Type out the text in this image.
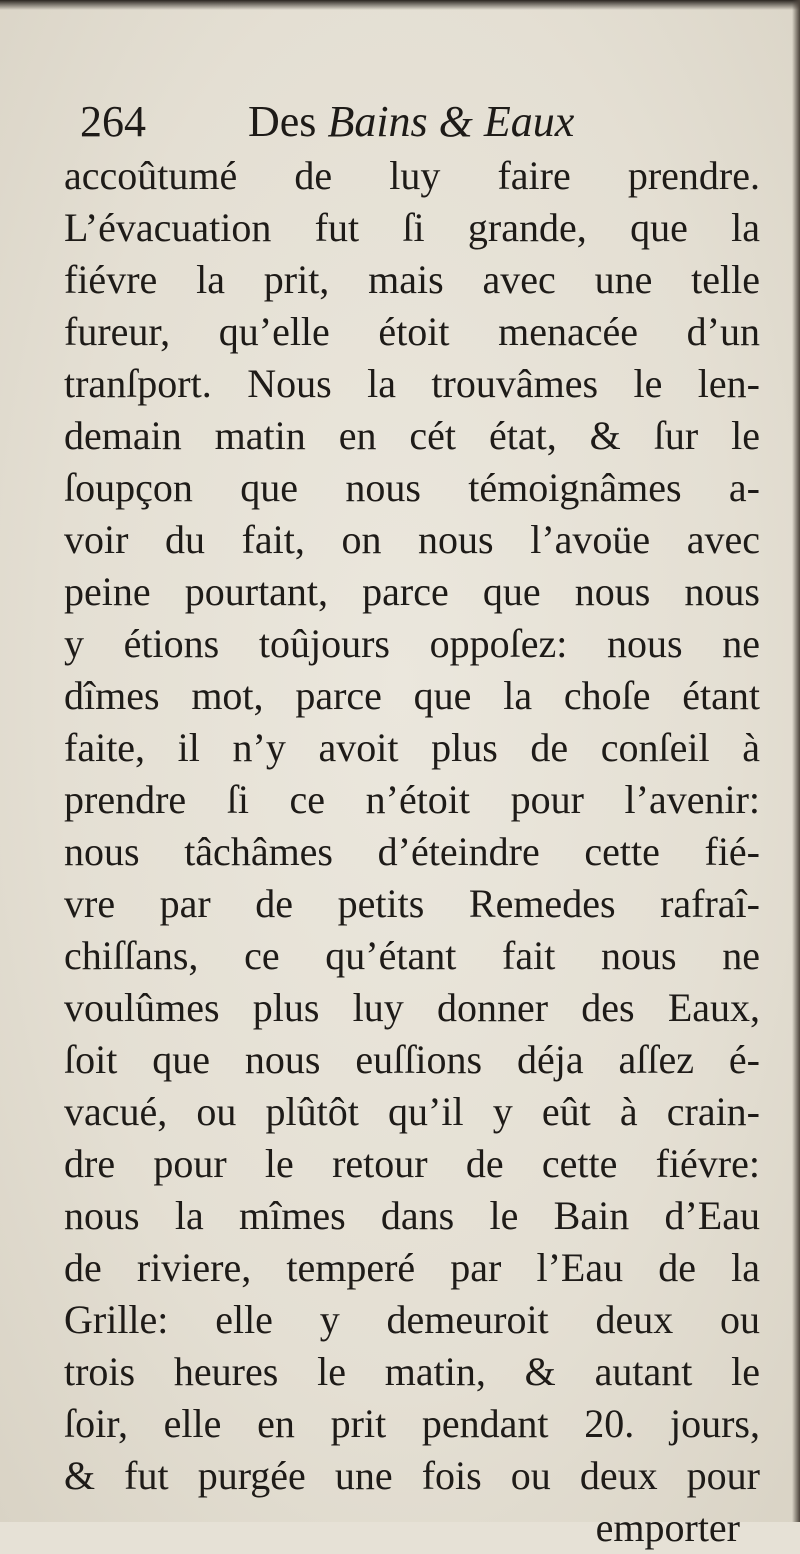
264 Des Bains & Eaux
accoûtumé de luy faire prendre.
L’évacuation fut ſi grande, que la
fiévre la prit, mais avec une telle
fureur, qu’elle étoit menacée d’un
tranſport. Nous la trouvâmes le len-
demain matin en cét état, & ſur le
ſoupçon que nous témoignâmes a-
voir du fait, on nous l’avoüe avec
peine pourtant, parce que nous nous
y étions toûjours oppoſez: nous ne
dîmes mot, parce que la choſe étant
faite, il n’y avoit plus de conſeil à
prendre ſi ce n’étoit pour l’avenir:
nous tâchâmes d’éteindre cette fié-
vre par de petits Remedes rafraî-
chiſſans, ce qu’étant fait nous ne
voulûmes plus luy donner des Eaux,
ſoit que nous euſſions déja aſſez é-
vacué, ou plûtôt qu’il y eût à crain-
dre pour le retour de cette fiévre:
nous la mîmes dans le Bain d’Eau
de riviere, temperé par l’Eau de la
Grille: elle y demeuroit deux ou
trois heures le matin, & autant le
ſoir, elle en prit pendant 20. jours,
& fut purgée une fois ou deux pour
emporter
